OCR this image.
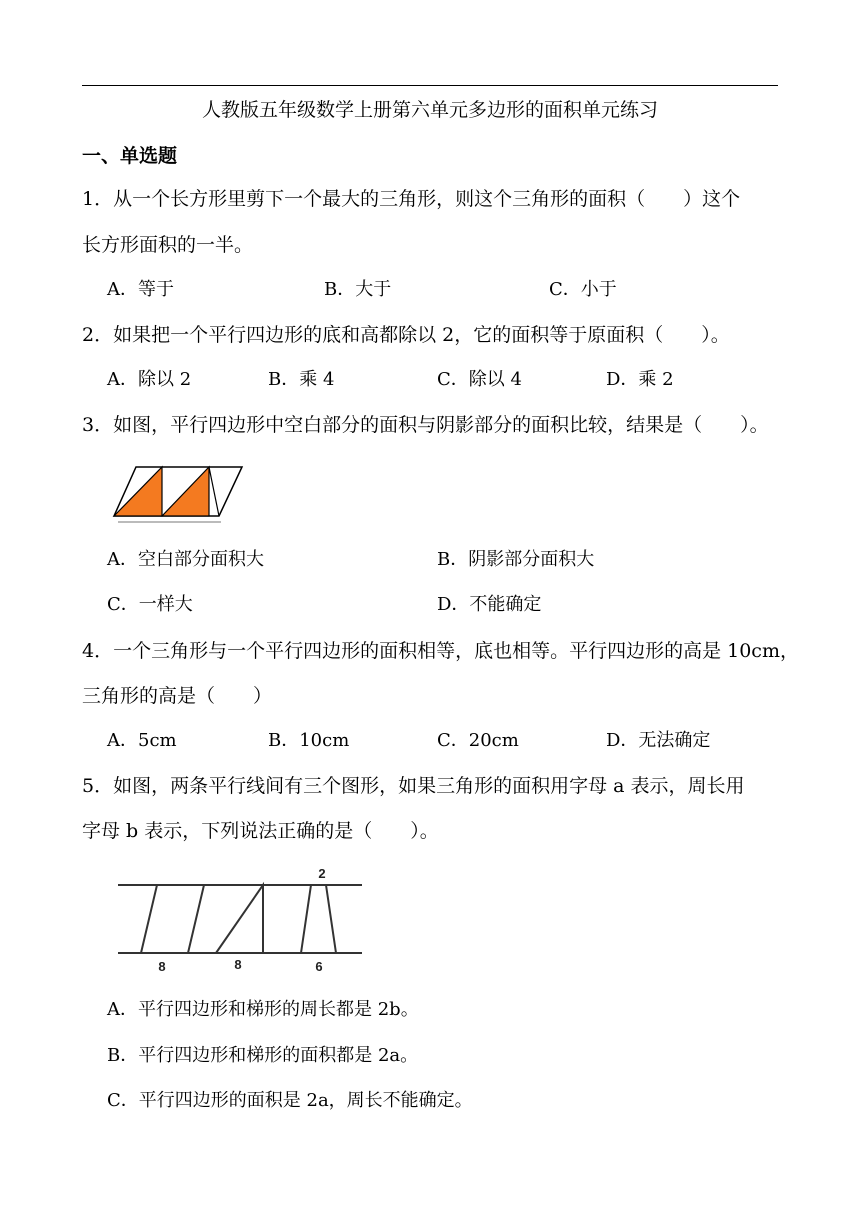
人教版五年级数学上册第六单元多边形的面积单元练习
一、单选题
1．从一个长方形里剪下一个最大的三角形，则这个三角形的面积（　　）这个
长方形面积的一半。
A．等于	B．大于	C．小于
2．如果把一个平行四边形的底和高都除以 2，它的面积等于原面积（　　）。
A．除以 2	B．乘 4	C．除以 4	D．乘 2
3．如图，平行四边形中空白部分的面积与阴影部分的面积比较，结果是（　　）。
A．空白部分面积大	B．阴影部分面积大
C．一样大	D．不能确定
4．一个三角形与一个平行四边形的面积相等，底也相等。平行四边形的高是 10cm，
三角形的高是（　　）
A．5cm	B．10cm	C．20cm	D．无法确定
5．如图，两条平行线间有三个图形，如果三角形的面积用字母 a 表示，周长用
字母 b 表示，下列说法正确的是（　　）。
2
8	8	6
A．平行四边形和梯形的周长都是 2b。
B．平行四边形和梯形的面积都是 2a。
C．平行四边形的面积是 2a，周长不能确定。
